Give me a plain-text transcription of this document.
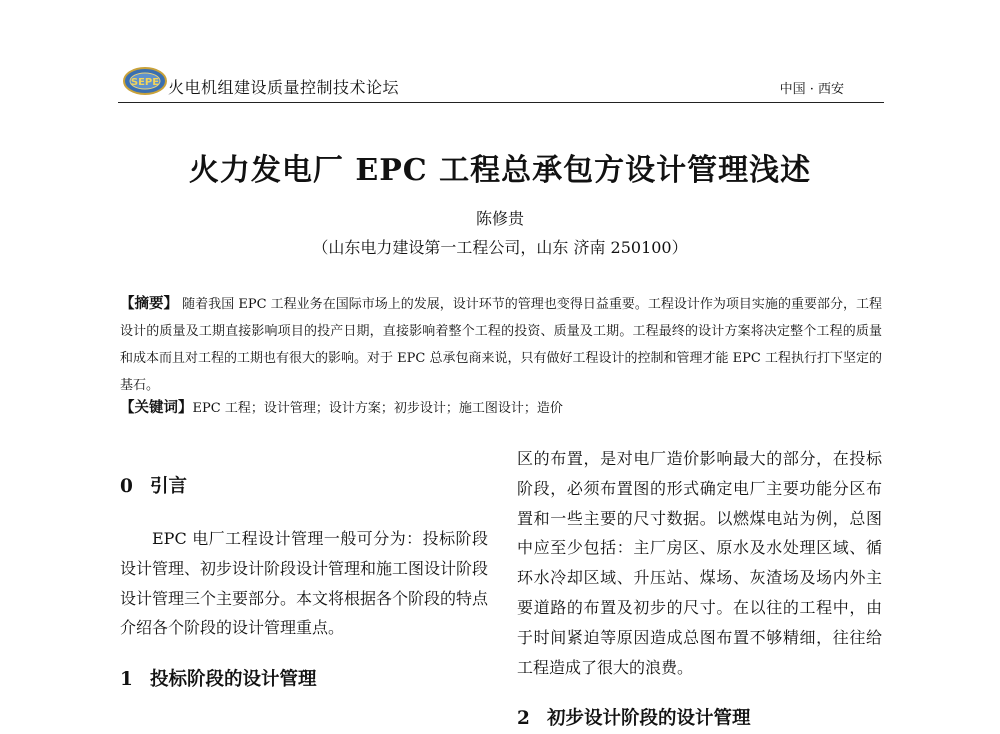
SEPE 火电机组建设质量控制技术论坛	中国 · 西安
火力发电厂 EPC 工程总承包方设计管理浅述
陈修贵
（山东电力建设第一工程公司，山东 济南 250100）
【摘要】 随着我国 EPC 工程业务在国际市场上的发展，设计环节的管理也变得日益重要。工程设计作为项目实施的重要部分，工程设计的质量及工期直接影响项目的投产日期，直接影响着整个工程的投资、质量及工期。工程最终的设计方案将决定整个工程的质量和成本而且对工程的工期也有很大的影响。对于 EPC 总承包商来说，只有做好工程设计的控制和管理才能 EPC 工程执行打下坚定的基石。
【关键词】EPC 工程；设计管理；设计方案；初步设计；施工图设计；造价
0 引言

EPC 电厂工程设计管理一般可分为：投标阶段设计管理、初步设计阶段设计管理和施工图设计阶段设计管理三个主要部分。本文将根据各个阶段的特点介绍各个阶段的设计管理重点。

1 投标阶段的设计管理

区的布置，是对电厂造价影响最大的部分，在投标阶段，必须布置图的形式确定电厂主要功能分区布置和一些主要的尺寸数据。以燃煤电站为例，总图中应至少包括：主厂房区、原水及水处理区域、循环水冷却区域、升压站、煤场、灰渣场及场内外主要道路的布置及初步的尺寸。在以往的工程中，由于时间紧迫等原因造成总图布置不够精细，往往给工程造成了很大的浪费。

2 初步设计阶段的设计管理
